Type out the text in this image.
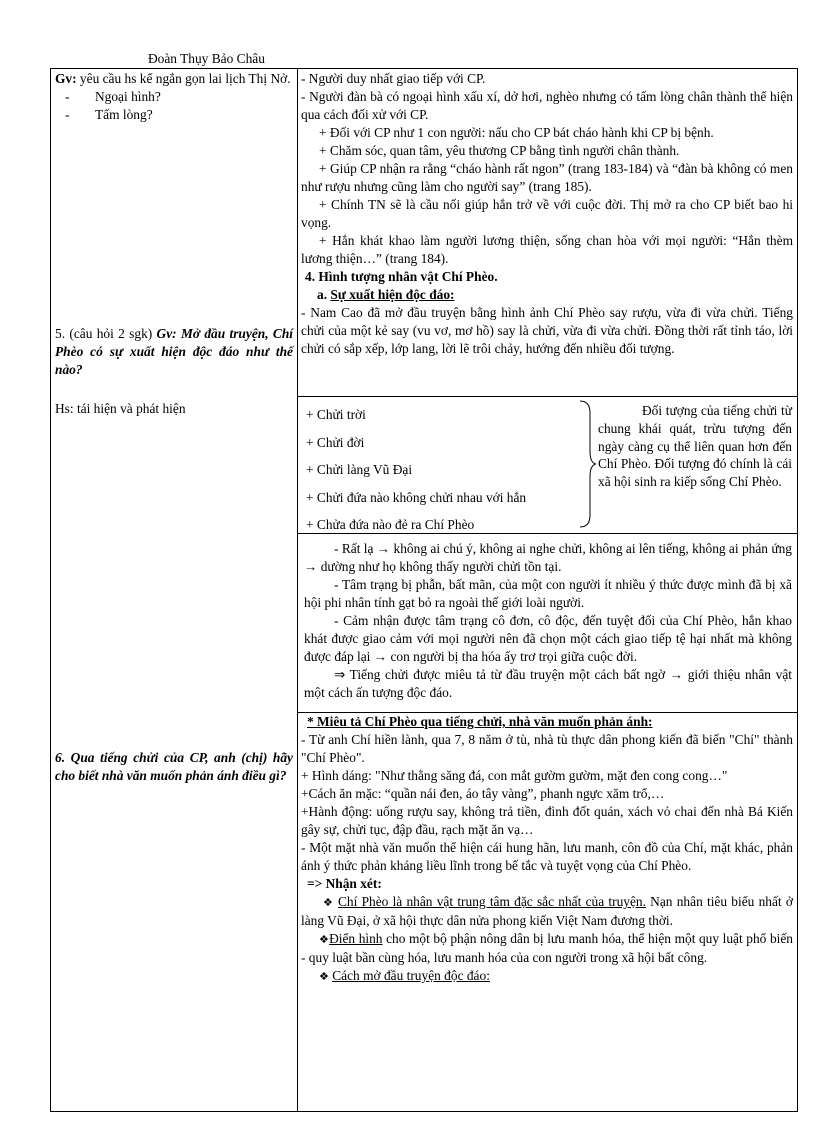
Đoàn Thụy Bảo Châu

Gv: yêu cầu hs kể ngắn gọn lai lịch Thị Nở.

- Ngoại hình?

- Tấm lòng?

5. (câu hỏi 2 sgk) Gv: Mở đầu truyện, Chí Phèo có sự xuất hiện độc đáo như thế nào?

Hs: tái hiện và phát hiện
6. Qua tiếng chửi của CP, anh (chị) hãy cho biết nhà văn muốn phản ánh điều gì?

- Người duy nhất giao tiếp với CP.

- Người đàn bà có ngoại hình xấu xí, dở hơi, nghèo nhưng có tấm lòng chân thành thể hiện qua cách đối xử với CP.

+ Đối với CP như 1 con người: nấu cho CP bát cháo hành khi CP bị bệnh.

+ Chăm sóc, quan tâm, yêu thương CP bằng tình người chân thành.

+ Giúp CP nhận ra rằng “cháo hành rất ngon” (trang 183-184) và “đàn bà không có men như rượu nhưng cũng làm cho người say” (trang 185).

+ Chính TN sẽ là cầu nối giúp hắn trở về với cuộc đời. Thị mở ra cho CP biết bao hi vọng.

+ Hắn khát khao làm người lương thiện, sống chan hòa với mọi người: “Hắn thèm lương thiện…” (trang 184).

4. Hình tượng nhân vật Chí Phèo.

a. Sự xuất hiện độc đáo:

- Nam Cao đã mở đầu truyện bằng hình ảnh Chí Phèo say rượu, vừa đi vừa chửi. Tiếng chửi của một kẻ say (vu vơ, mơ hồ) say là chửi, vừa đi vừa chửi. Đồng thời rất tỉnh táo, lời chửi có sắp xếp, lớp lang, lời lẽ trôi chảy, hướng đến nhiều đối tượng.

+ Chửi trời

+ Chửi đời

+ Chửi làng Vũ Đại

+ Chửi đứa nào không chửi nhau với hắn

+ Chửa đứa nào đẻ ra Chí Phèo

Đối tượng của tiếng chửi từ chung khái quát, trừu tượng đến ngày càng cụ thể liên quan hơn đến Chí Phèo. Đối tượng đó chính là cái xã hội sinh ra kiếp sống Chí Phèo.

- Rất lạ → không ai chú ý, không ai nghe chửi, không ai lên tiếng, không ai phản ứng → dường như họ không thấy người chửi tồn tại.

- Tâm trạng bị phẫn, bất mãn, của một con người ít nhiều ý thức được mình đã bị xã hội phi nhân tính gạt bỏ ra ngoài thế giới loài người.

- Cảm nhận được tâm trạng cô đơn, cô độc, đến tuyệt đối của Chí Phèo, hắn khao khát được giao cảm với mọi người nên đã chọn một cách giao tiếp tệ hại nhất mà không được đáp lại → con người bị tha hóa ấy trơ trọi giữa cuộc đời.

⇒ Tiếng chửi được miêu tả từ đầu truyện một cách bất ngờ → giới thiệu nhân vật một cách ấn tượng độc đáo.

* Miêu tả Chí Phèo qua tiếng chửi, nhà văn muốn phản ánh:

- Từ anh Chí hiền lành, qua 7, 8 năm ở tù, nhà tù thực dân phong kiến đã biến "Chí" thành "Chí Phèo".

+ Hình dáng: "Như thằng săng đá, con mắt gườm gườm, mặt đen cong cong…"

+Cách ăn mặc: “quần nái đen, áo tây vàng”, phanh ngực xăm trổ,…

+Hành động: uống rượu say, không trả tiền, đình đốt quán, xách vỏ chai đến nhà Bá Kiến gây sự, chửi tục, đập đầu, rạch mặt ăn vạ…

- Một mặt nhà văn muốn thể hiện cái hung hãn, lưu manh, côn đồ của Chí, mặt khác, phản ánh ý thức phản kháng liều lĩnh trong bế tắc và tuyệt vọng của Chí Phèo.

=> Nhận xét:

❖ Chí Phèo là nhân vật trung tâm đặc sắc nhất của truyện. Nạn nhân tiêu biểu nhất ở làng Vũ Đại, ở xã hội thực dân nửa phong kiến Việt Nam đương thời.

❖Điển hình cho một bộ phận nông dân bị lưu manh hóa, thể hiện một quy luật phổ biến - quy luật bần cùng hóa, lưu manh hóa của con người trong xã hội bất công.

❖ Cách mở đầu truyện độc đáo:
